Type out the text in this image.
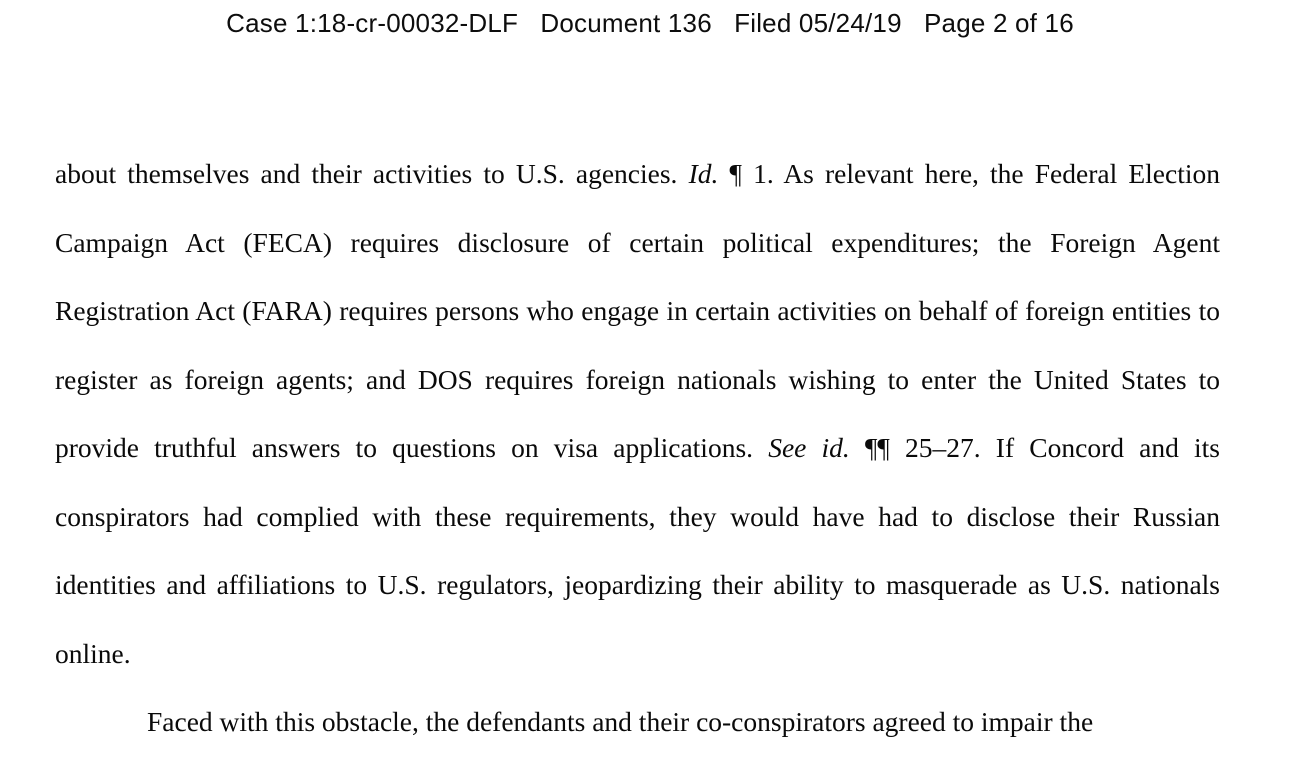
Case 1:18-cr-00032-DLF   Document 136   Filed 05/24/19   Page 2 of 16

about themselves and their activities to U.S. agencies. Id. ¶ 1. As relevant here, the Federal Election Campaign Act (FECA) requires disclosure of certain political expenditures; the Foreign Agent Registration Act (FARA) requires persons who engage in certain activities on behalf of foreign entities to register as foreign agents; and DOS requires foreign nationals wishing to enter the United States to provide truthful answers to questions on visa applications. See id. ¶¶ 25–27. If Concord and its conspirators had complied with these requirements, they would have had to disclose their Russian identities and affiliations to U.S. regulators, jeopardizing their ability to masquerade as U.S. nationals online.

Faced with this obstacle, the defendants and their co-conspirators agreed to impair the
